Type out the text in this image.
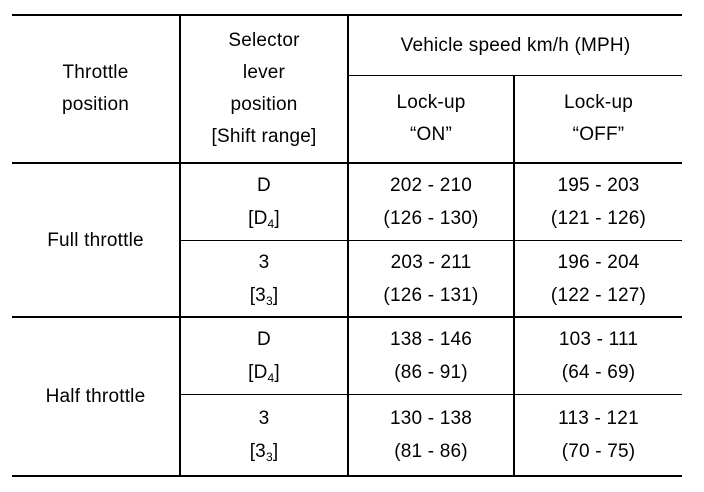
Throttle
position
Selector
lever
position
[Shift range]
Vehicle speed km/h (MPH)
Lock-up
“ON”
Lock-up
“OFF”
Full throttle
D
$[D_4]$
202 - 210
(126 - 130)
195 - 203
(121 - 126)
3
$[3_3]$
203 - 211
(126 - 131)
196 - 204
(122 - 127)
Half throttle
D
$[D_4]$
138 - 146
(86 - 91)
103 - 111
(64 - 69)
3
$[3_3]$
130 - 138
(81 - 86)
113 - 121
(70 - 75)
